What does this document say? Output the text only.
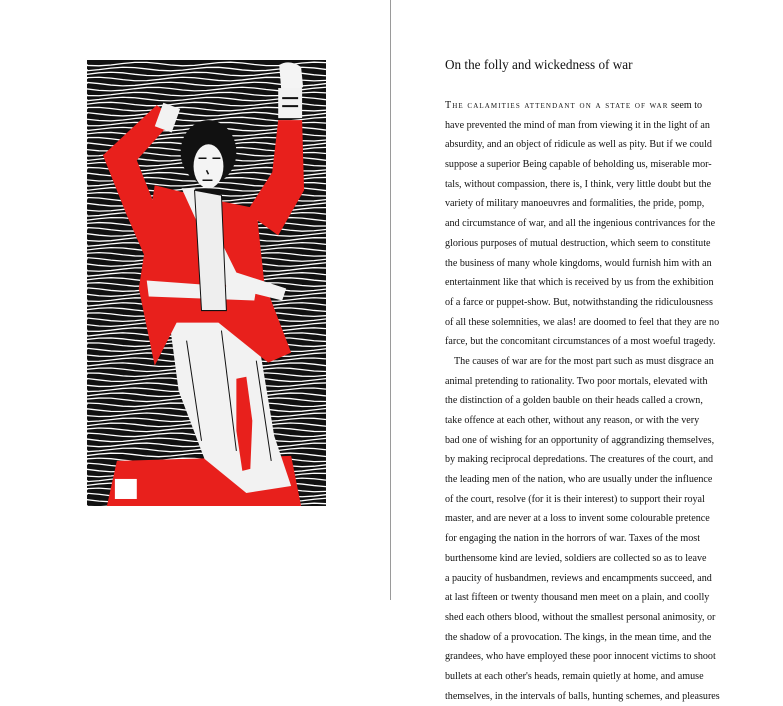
On the folly and wickedness of war
The calamities attendant on a state of war seem to
have prevented the mind of man from viewing it in the light of an
absurdity, and an object of ridicule as well as pity. But if we could
suppose a superior Being capable of beholding us, miserable mor-
tals, without compassion, there is, I think, very little doubt but the
variety of military manoeuvres and formalities, the pride, pomp,
and circumstance of war, and all the ingenious contrivances for the
glorious purposes of mutual destruction, which seem to constitute
the business of many whole kingdoms, would furnish him with an
entertainment like that which is received by us from the exhibition
of a farce or puppet-show. But, notwithstanding the ridiculousness
of all these solemnities, we alas! are doomed to feel that they are no
farce, but the concomitant circumstances of a most woeful tragedy.
The causes of war are for the most part such as must disgrace an
animal pretending to rationality. Two poor mortals, elevated with
the distinction of a golden bauble on their heads called a crown,
take offence at each other, without any reason, or with the very
bad one of wishing for an opportunity of aggrandizing themselves,
by making reciprocal depredations. The creatures of the court, and
the leading men of the nation, who are usually under the influence
of the court, resolve (for it is their interest) to support their royal
master, and are never at a loss to invent some colourable pretence
for engaging the nation in the horrors of war. Taxes of the most
burthensome kind are levied, soldiers are collected so as to leave
a paucity of husbandmen, reviews and encampments succeed, and
at last fifteen or twenty thousand men meet on a plain, and coolly
shed each others blood, without the smallest personal animosity, or
the shadow of a provocation. The kings, in the mean time, and the
grandees, who have employed these poor innocent victims to shoot
bullets at each other's heads, remain quietly at home, and amuse
themselves, in the intervals of balls, hunting schemes, and pleasures
